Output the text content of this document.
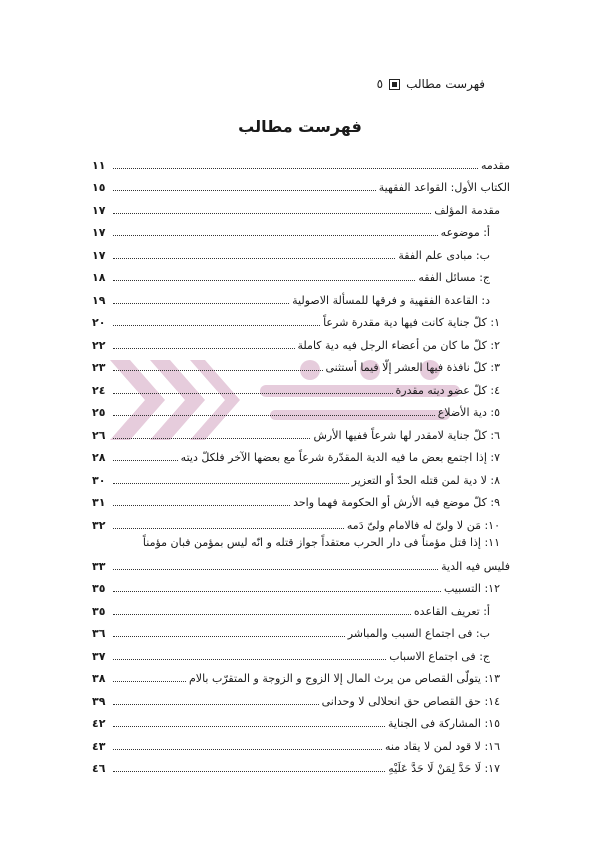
فهرست مطالب
٥
فهرست مطالب
مقدمه
١١
الکتاب الأول: القواعد الفقهیة
١٥
مقدمة المؤلف
١٧
أ: موضوعه
١٧
ب: مبادی علم الفقة
١٧
ج: مسائل الفقه
١٨
د: القاعدة الفقهیة و فرقها للمسألة الاصولیة
١٩
١: کلّ جنایة کانت فیها دیة مقدرة شرعاً
٢٠
٢: کلّ ما کان من أعضاء الرجل فیه دیة کاملة
٢٢
٣: کلّ نافذة فیها العشر إلّا فیما أستثنی
٢٣
٤: کلّ عضو دیته مقدرة
٢٤
٥: دیة الأضلاع
٢٥
٦: کلّ جنایة لامقدر لها شرعاً ففیها الأرش
٢٦
٧: إذا اجتمع بعض ما فیه الدیة المقدّرة شرعاً مع بعضها الآخر فلکلّ دیته
٢٨
٨: لا دیة لمن قتله الحدّ أو التعزیر
٣٠
٩: کلّ موضع فیه الأرش أو الحکومة فهما واحد
٣١
١٠: مَن لا ولیّ له فالامام ولیّ دَمه
٣٢
١١: إذا قتل مؤمناً فی دار الحرب معتقداً جواز قتله و انّه لیس بمؤمن فبان مؤمناً
فلیس فیه الدیة
٣٣
١٢: التسبیب
٣٥
أ: تعریف القاعده
٣٥
ب: فی اجتماع السبب والمباشر
٣٦
ج: فی اجتماع الاسباب
٣٧
١٣: یتولّی القصاص من یرث المال إلا الزوج و الزوجة و المتقرّب بالام
٣٨
١٤: حق القصاص حق انحلالی لا وحدانی
٣٩
١٥: المشارکة فی الجنایة
٤٢
١٦: لا قود لمن لا یقاد منه
٤٣
١٧: لَا حَدَّ لِمَنْ لَا حَدَّ عَلَیْهِ
٤٦
